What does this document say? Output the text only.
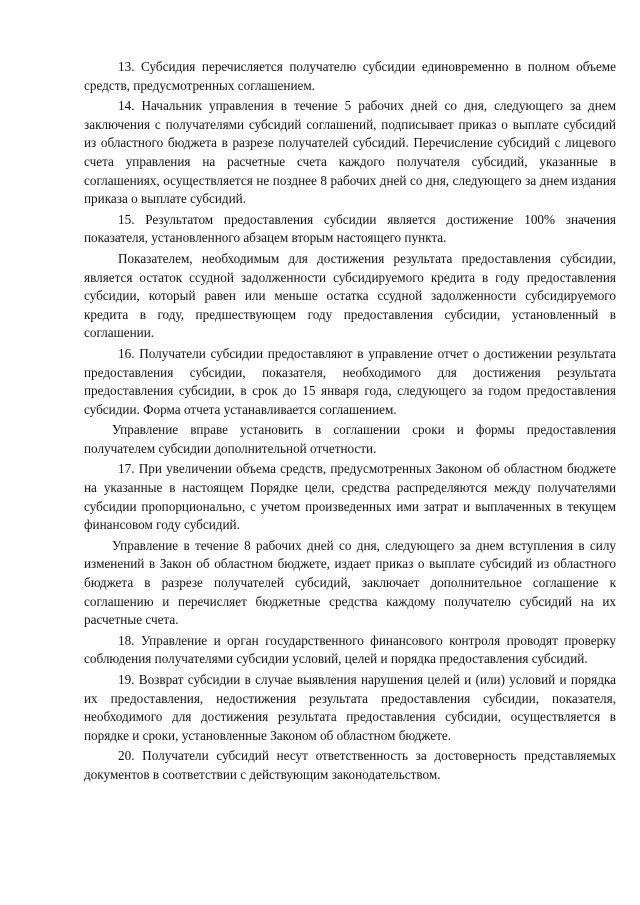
13. Субсидия перечисляется получателю субсидии единовременно в полном объеме средств, предусмотренных соглашением.

14. Начальник управления в течение 5 рабочих дней со дня, следующего за днем заключения с получателями субсидий соглашений, подписывает приказ о выплате субсидий из областного бюджета в разрезе получателей субсидий. Перечисление субсидий с лицевого счета управления на расчетные счета каждого получателя субсидий, указанные в соглашениях, осуществляется не позднее 8 рабочих дней со дня, следующего за днем издания приказа о выплате субсидий.

15. Результатом предоставления субсидии является достижение 100% значения показателя, установленного абзацем вторым настоящего пункта.

Показателем, необходимым для достижения результата предоставления субсидии, является остаток ссудной задолженности субсидируемого кредита в году предоставления субсидии, который равен или меньше остатка ссудной задолженности субсидируемого кредита в году, предшествующем году предоставления субсидии, установленный в соглашении.

16. Получатели субсидии предоставляют в управление отчет о достижении результата предоставления субсидии, показателя, необходимого для достижения результата предоставления субсидии, в срок до 15 января года, следующего за годом предоставления субсидии. Форма отчета устанавливается соглашением.

Управление вправе установить в соглашении сроки и формы предоставления получателем субсидии дополнительной отчетности.

17. При увеличении объема средств, предусмотренных Законом об областном бюджете на указанные в настоящем Порядке цели, средства распределяются между получателями субсидии пропорционально, с учетом произведенных ими затрат и выплаченных в текущем финансовом году субсидий.

Управление в течение 8 рабочих дней со дня, следующего за днем вступления в силу изменений в Закон об областном бюджете, издает приказ о выплате субсидий из областного бюджета в разрезе получателей субсидий, заключает дополнительное соглашение к соглашению и перечисляет бюджетные средства каждому получателю субсидий на их расчетные счета.

18. Управление и орган государственного финансового контроля проводят проверку соблюдения получателями субсидии условий, целей и порядка предоставления субсидий.

19. Возврат субсидии в случае выявления нарушения целей и (или) условий и порядка их предоставления, недостижения результата предоставления субсидии, показателя, необходимого для достижения результата предоставления субсидии, осуществляется в порядке и сроки, установленные Законом об областном бюджете.

20. Получатели субсидий несут ответственность за достоверность представляемых документов в соответствии с действующим законодательством.
